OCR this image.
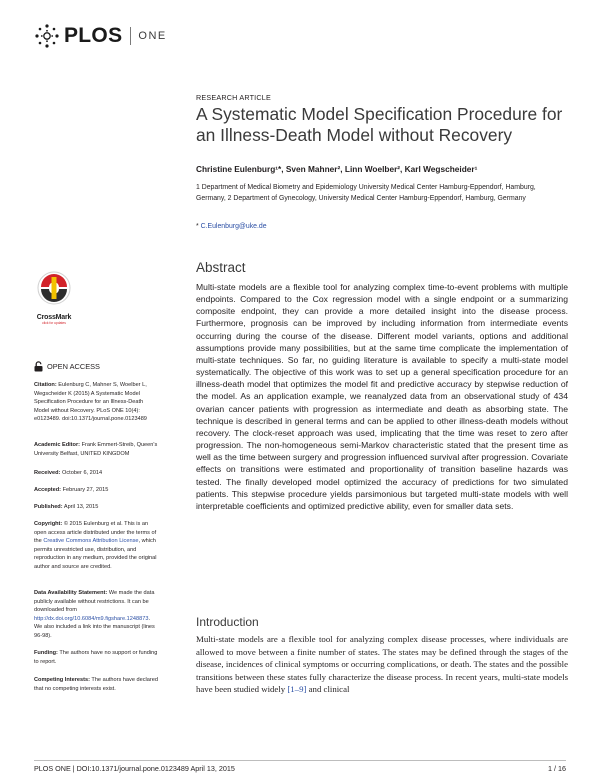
PLOS ONE
RESEARCH ARTICLE
A Systematic Model Specification Procedure for an Illness-Death Model without Recovery
Christine Eulenburg¹*, Sven Mahner², Linn Woelber², Karl Wegscheider¹
1 Department of Medical Biometry and Epidemiology University Medical Center Hamburg-Eppendorf, Hamburg, Germany, 2 Department of Gynecology, University Medical Center Hamburg-Eppendorf, Hamburg, Germany
* C.Eulenburg@uke.de
Abstract
Multi-state models are a flexible tool for analyzing complex time-to-event problems with multiple endpoints. Compared to the Cox regression model with a single endpoint or a summarizing composite endpoint, they can provide a more detailed insight into the disease process. Furthermore, prognosis can be improved by including information from intermediate events occurring during the course of the disease. Different model variants, options and additional assumptions provide many possibilities, but at the same time complicate the implementation of multi-state techniques. So far, no guiding literature is available to specify a multi-state model systematically. The objective of this work was to set up a general specification procedure for an illness-death model that optimizes the model fit and predictive accuracy by stepwise reduction of the model. As an application example, we reanalyzed data from an observational study of 434 ovarian cancer patients with progression as intermediate and death as absorbing state. The technique is described in general terms and can be applied to other illness-death models without recovery. The clock-reset approach was used, implicating that the time was reset to zero after progression. The non-homogeneous semi-Markov characteristic stated that the present time as well as the time between surgery and progression influenced survival after progression. Covariate effects on transitions were estimated and proportionality of transition baseline hazards was tested. The finally developed model optimized the accuracy of predictions for two simulated patients. This stepwise procedure yields parsimonious but targeted multi-state models with well interpretable coefficients and optimized predictive ability, even for smaller data sets.
Introduction
Multi-state models are a flexible tool for analyzing complex disease processes, where individuals are allowed to move between a finite number of states. The states may be defined through the stages of the disease, incidences of clinical symptoms or occurring complications, or death. The states and the possible transitions between these states fully characterize the disease process. In recent years, multi-state models have been studied widely [1–9] and clinical
CrossMark
click for updates
OPEN ACCESS
Citation: Eulenburg C, Mahner S, Woelber L, Wegscheider K (2015) A Systematic Model Specification Procedure for an Illness-Death Model without Recovery. PLoS ONE 10(4): e0123489. doi:10.1371/journal.pone.0123489
Academic Editor: Frank Emmert-Streib, Queen's University Belfast, UNITED KINGDOM
Received: October 6, 2014
Accepted: February 27, 2015
Published: April 13, 2015
Copyright: © 2015 Eulenburg et al. This is an open access article distributed under the terms of the Creative Commons Attribution License, which permits unrestricted use, distribution, and reproduction in any medium, provided the original author and source are credited.
Data Availability Statement: We made the data publicly available without restrictions. It can be downloaded from http://dx.doi.org/10.6084/m9.figshare.1248873. We also included a link into the manuscript (lines 96-98).
Funding: The authors have no support or funding to report.
Competing Interests: The authors have declared that no competing interests exist.
PLOS ONE | DOI:10.1371/journal.pone.0123489 April 13, 2015	1 / 16
